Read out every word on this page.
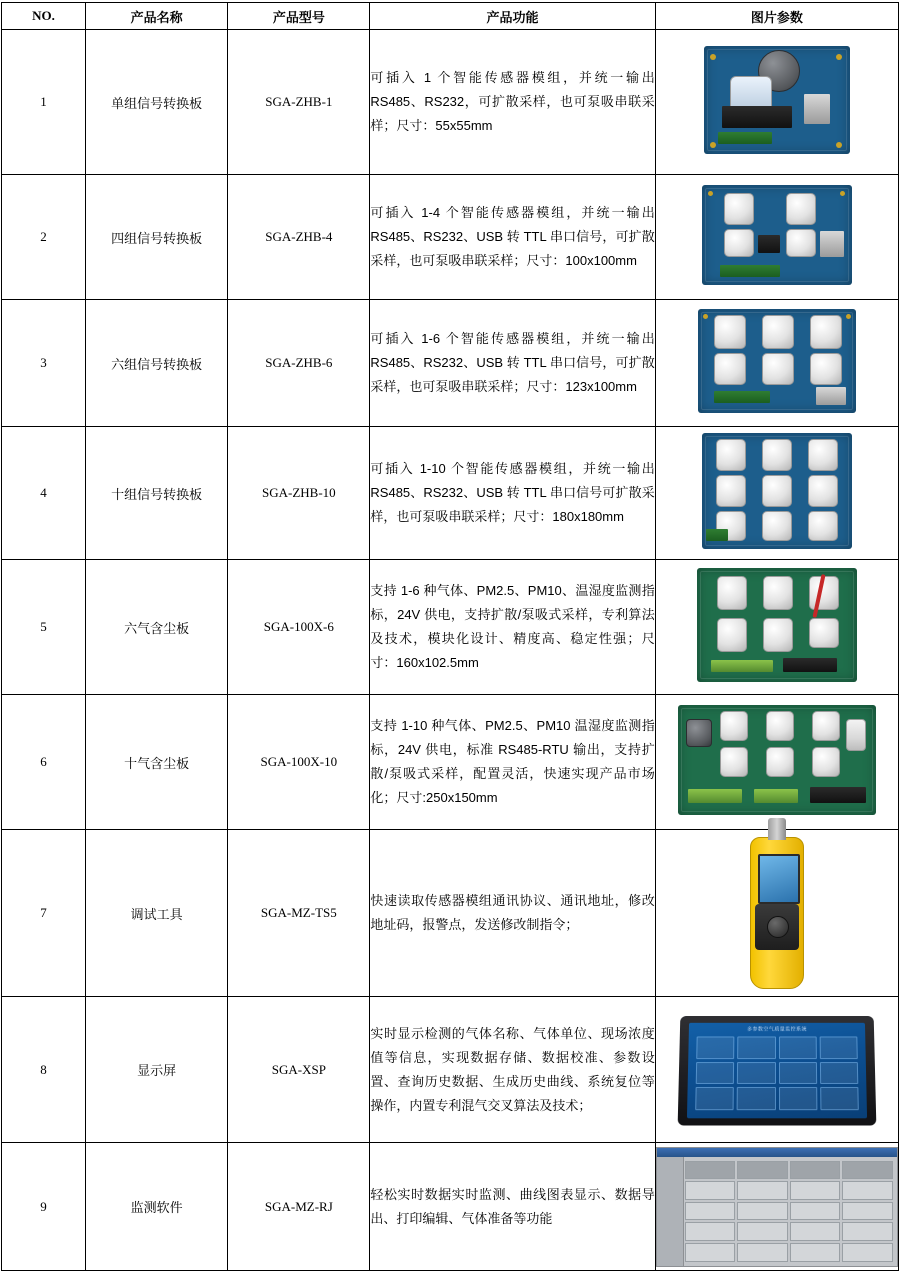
NO.	产品名称	产品型号	产品功能	图片参数
1	单组信号转换板	SGA-ZHB-1	可插入 1 个智能传感器模组，并统一输出 RS485、RS232，可扩散采样，也可泵吸串联采样；尺寸：55x55mm	

2	四组信号转换板	SGA-ZHB-4	可插入 1-4 个智能传感器模组，并统一输出 RS485、RS232、USB 转 TTL 串口信号，可扩散采样，也可泵吸串联采样；尺寸：100x100mm	

3	六组信号转换板	SGA-ZHB-6	可插入 1-6 个智能传感器模组，并统一输出 RS485、RS232、USB 转 TTL 串口信号，可扩散采样，也可泵吸串联采样；尺寸：123x100mm	

4	十组信号转换板	SGA-ZHB-10	可插入 1-10 个智能传感器模组，并统一输出 RS485、RS232、USB 转 TTL 串口信号可扩散采样，也可泵吸串联采样；尺寸：180x180mm	

5	六气含尘板	SGA-100X-6	支持 1-6 种气体、PM2.5、PM10、温湿度监测指标，24V 供电，支持扩散/泵吸式采样，专利算法及技术，模块化设计、精度高、稳定性强；尺寸：160x102.5mm	

6	十气含尘板	SGA-100X-10	支持 1-10 种气体、PM2.5、PM10 温湿度监测指标，24V 供电，标准 RS485-RTU 输出，支持扩散/泵吸式采样，配置灵活，快速实现产品市场化；尺寸:250x150mm	

7	调试工具	SGA-MZ-TS5	快速读取传感器模组通讯协议、通讯地址，修改地址码，报警点，发送修改制指令；	

8	显示屏	SGA-XSP	实时显示检测的气体名称、气体单位、现场浓度值等信息，实现数据存储、数据校准、参数设置、查询历史数据、生成历史曲线、系统复位等操作，内置专利混气交叉算法及技术；	多参数空气质量监控系统

9	监测软件	SGA-MZ-RJ	轻松实时数据实时监测、曲线图表显示、数据导出、打印编辑、气体准备等功能	
